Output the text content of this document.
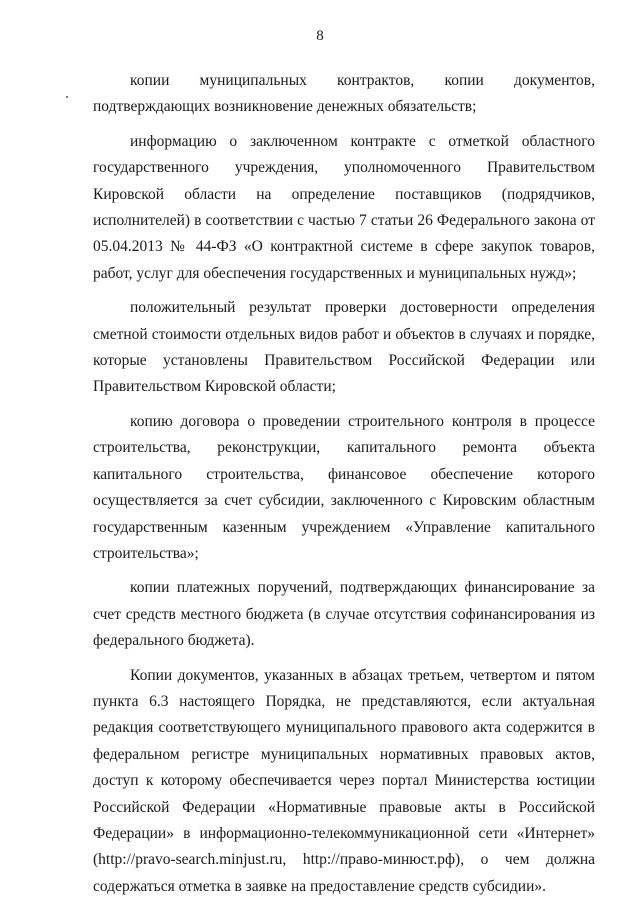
8

копии муниципальных контрактов, копии документов, подтверждающих возникновение денежных обязательств;

информацию о заключенном контракте с отметкой областного государственного учреждения, уполномоченного Правительством Кировской области на определение поставщиков (подрядчиков, исполнителей) в соответствии с частью 7 статьи 26 Федерального закона от 05.04.2013 № 44-ФЗ «О контрактной системе в сфере закупок товаров, работ, услуг для обеспечения государственных и муниципальных нужд»;

положительный результат проверки достоверности определения сметной стоимости отдельных видов работ и объектов в случаях и порядке, которые установлены Правительством Российской Федерации или Правительством Кировской области;

копию договора о проведении строительного контроля в процессе строительства, реконструкции, капитального ремонта объекта капитального строительства, финансовое обеспечение которого осуществляется за счет субсидии, заключенного с Кировским областным государственным казенным учреждением «Управление капитального строительства»;

копии платежных поручений, подтверждающих финансирование за счет средств местного бюджета (в случае отсутствия софинансирования из федерального бюджета).

Копии документов, указанных в абзацах третьем, четвертом и пятом пункта 6.3 настоящего Порядка, не представляются, если актуальная редакция соответствующего муниципального правового акта содержится в федеральном регистре муниципальных нормативных правовых актов, доступ к которому обеспечивается через портал Министерства юстиции Российской Федерации «Нормативные правовые акты в Российской Федерации» в информационно-телекоммуникационной сети «Интернет» (http://pravo-search.minjust.ru, http://право-минюст.рф), о чем должна содержаться отметка в заявке на предоставление средств субсидии».
